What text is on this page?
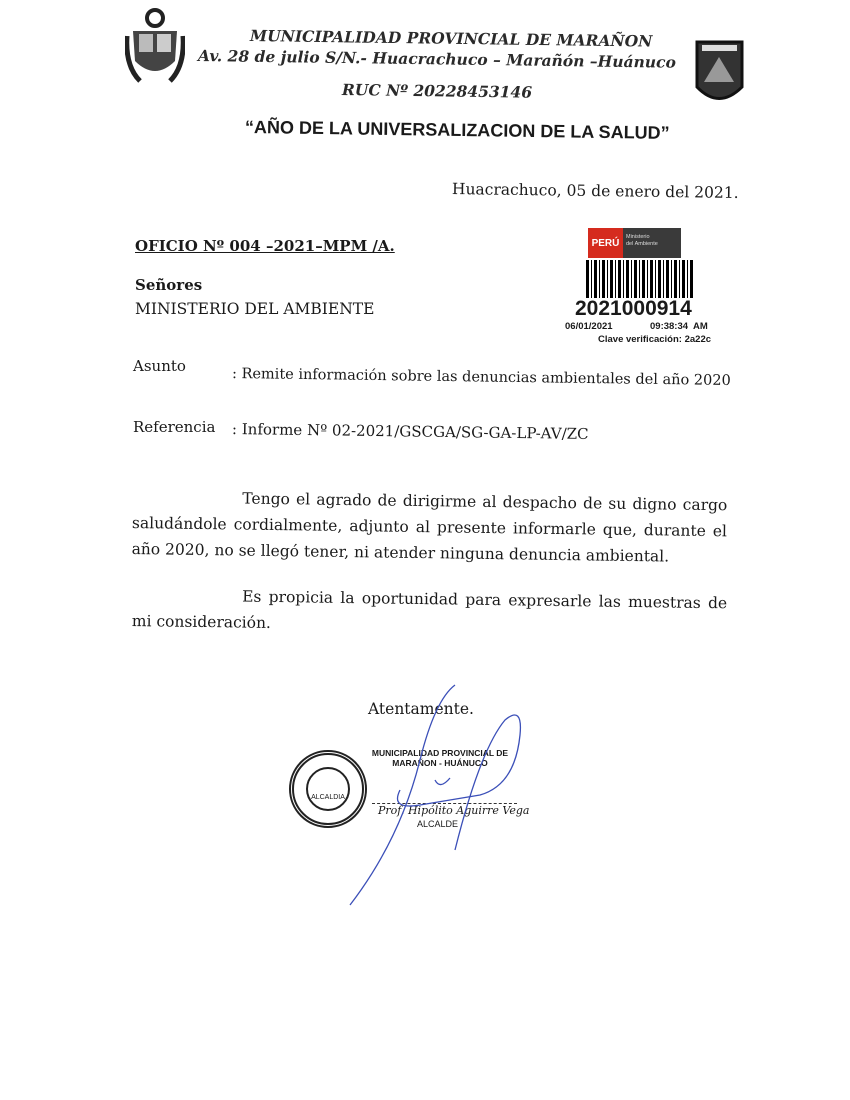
MUNICIPALIDAD PROVINCIAL DE MARAÑON
Av. 28 de julio S/N.- Huacrachuco – Marañón –Huánuco
RUC Nº 20228453146
“AÑO DE LA UNIVERSALIZACION DE LA SALUD”
Huacrachuco, 05 de enero del 2021.
OFICIO Nº 004 –2021–MPM /A.
Señores
MINISTERIO DEL AMBIENTE
PERÚ
Ministerio
del Ambiente
2021000914
06/01/2021	09:38:34  AM
Clave verificación: 2a22c
Asunto
: Remite información sobre las denuncias ambientales del año 2020
Referencia : Informe Nº 02-2021/GSCGA/SG-GA-LP-AV/ZC
Tengo el agrado de dirigirme al despacho de su digno cargo saludándole cordialmente, adjunto al presente informarle que, durante el año 2020, no se llegó tener, ni atender ninguna denuncia ambiental.
Es propicia la oportunidad para expresarle las muestras de mi consideración.
Atentamente.
ALCALDIA
MUNICIPALIDAD PROVINCIAL DE
MARAÑON - HUÁNUCO
Prof. Hipólito Aguirre Vega
ALCALDE
